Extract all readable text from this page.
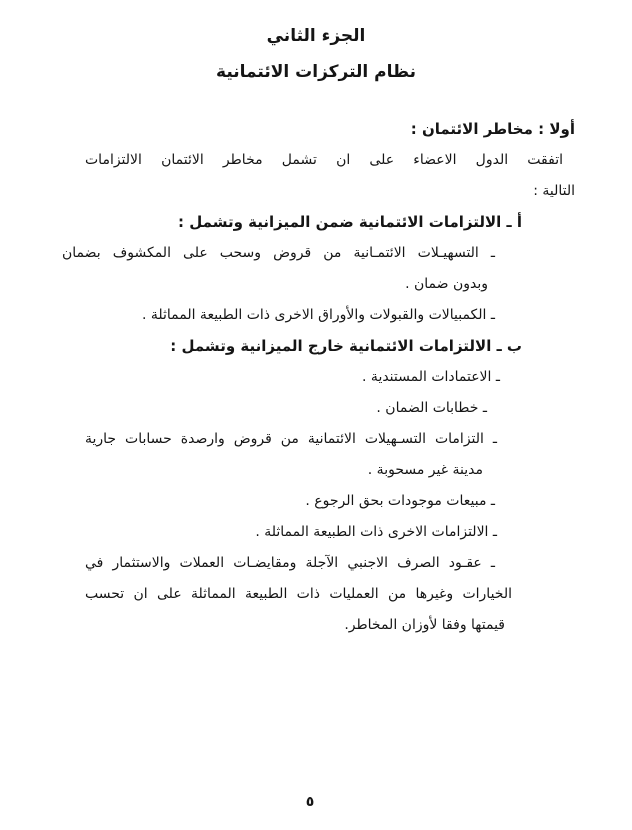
الجزء الثاني
نظام التركزات الائتمانية
أولا : مخاطر الائتمان :
اتفقت الدول الاعضاء على ان تشمل مخاطر الائتمان الالتزامات
التالية :
أ ـ الالتزامات الائتمانية ضمن الميزانية وتشمل :
ـ التسهيـلات الائتمـانية من قروض وسحب على المكشوف بضمان
وبدون ضمان .
ـ الكمبيالات والقبولات والأوراق الاخرى ذات الطبيعة المماثلة .
ب ـ الالتزامات الائتمانية خارج الميزانية وتشمل :
ـ الاعتمادات المستندية .
ـ خطابات الضمان .
ـ التزامات التسـهيلات الائتمانية من قروض وارصدة حسابات جارية
مدينة غير مسحوبة .
ـ مبيعات موجودات بحق الرجوع .
ـ الالتزامات الاخرى ذات الطبيعة المماثلة .
ـ عقـود الصرف الاجنبي الآجلة ومقايضـات العملات والاستثمار في
الخيارات وغيرها من العمليات ذات الطبيعة المماثلة على ان تحسب
قيمتها وفقا لأوزان المخاطر.
٥
